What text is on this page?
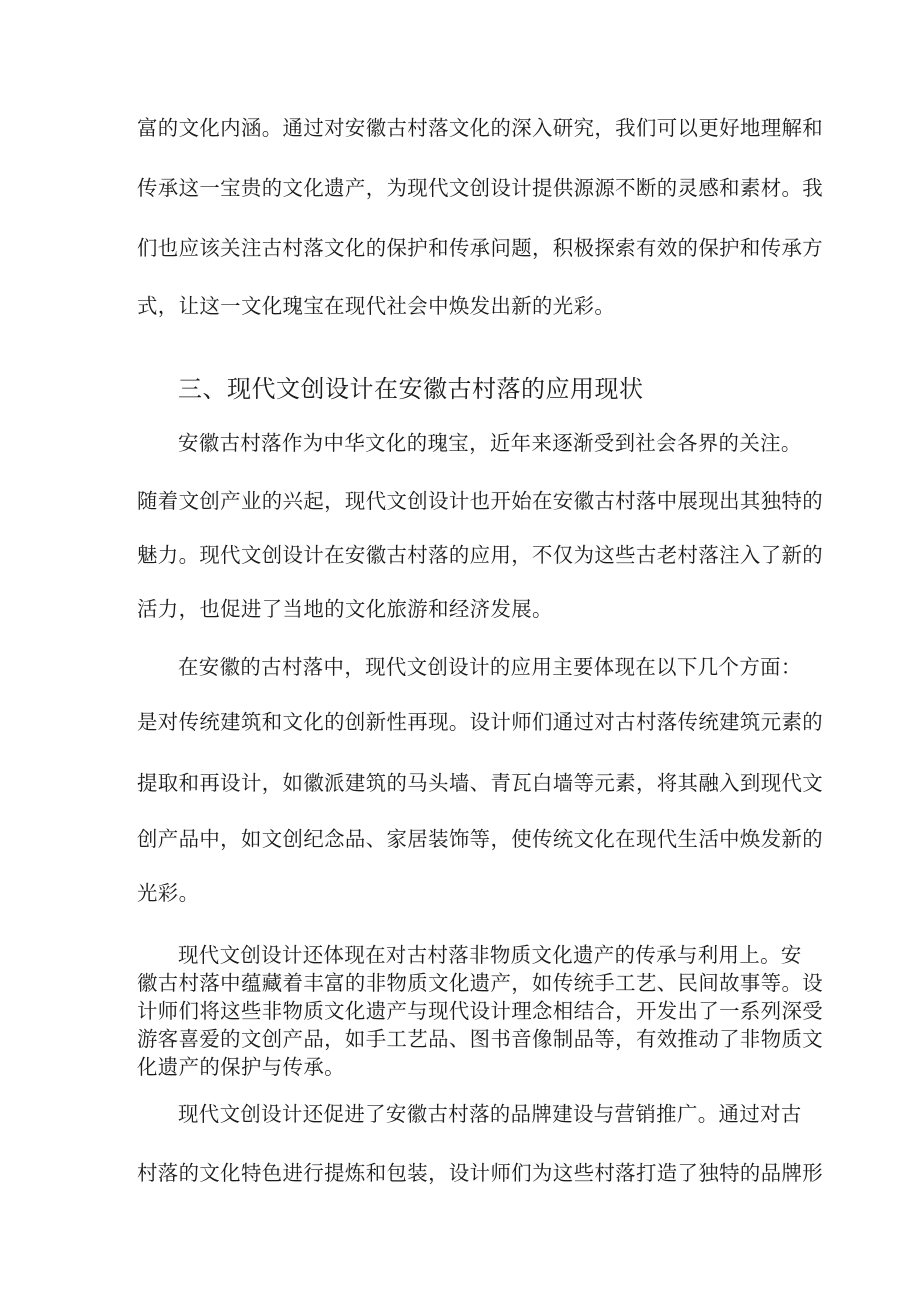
富的文化内涵。通过对安徽古村落文化的深入研究，我们可以更好地理解和

传承这一宝贵的文化遗产，为现代文创设计提供源源不断的灵感和素材。我

们也应该关注古村落文化的保护和传承问题，积极探索有效的保护和传承方

式，让这一文化瑰宝在现代社会中焕发出新的光彩。

三、现代文创设计在安徽古村落的应用现状

安徽古村落作为中华文化的瑰宝，近年来逐渐受到社会各界的关注。

随着文创产业的兴起，现代文创设计也开始在安徽古村落中展现出其独特的

魅力。现代文创设计在安徽古村落的应用，不仅为这些古老村落注入了新的

活力，也促进了当地的文化旅游和经济发展。

在安徽的古村落中，现代文创设计的应用主要体现在以下几个方面：

是对传统建筑和文化的创新性再现。设计师们通过对古村落传统建筑元素的

提取和再设计，如徽派建筑的马头墙、青瓦白墙等元素，将其融入到现代文

创产品中，如文创纪念品、家居装饰等，使传统文化在现代生活中焕发新的

光彩。

现代文创设计还体现在对古村落非物质文化遗产的传承与利用上。安

徽古村落中蕴藏着丰富的非物质文化遗产，如传统手工艺、民间故事等。设

计师们将这些非物质文化遗产与现代设计理念相结合，开发出了一系列深受

游客喜爱的文创产品，如手工艺品、图书音像制品等，有效推动了非物质文

化遗产的保护与传承。

现代文创设计还促进了安徽古村落的品牌建设与营销推广。通过对古

村落的文化特色进行提炼和包装，设计师们为这些村落打造了独特的品牌形
